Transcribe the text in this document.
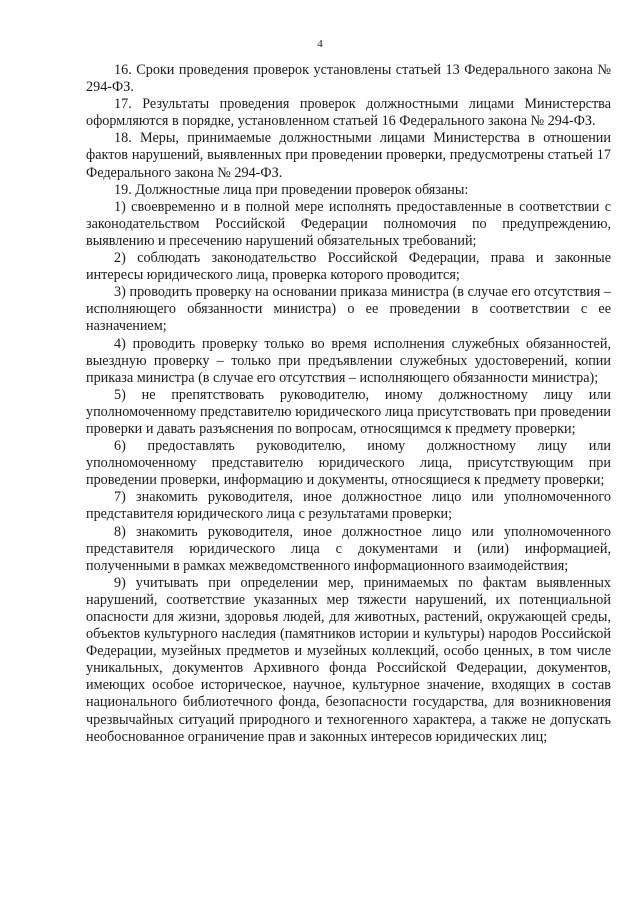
4

16. Сроки проведения проверок установлены статьей 13 Федерального закона № 294-ФЗ.

17. Результаты проведения проверок должностными лицами Министерства оформляются в порядке, установленном статьей 16 Федерального закона № 294-ФЗ.

18. Меры, принимаемые должностными лицами Министерства в отношении фактов нарушений, выявленных при проведении проверки, предусмотрены статьей 17 Федерального закона № 294-ФЗ.

19. Должностные лица при проведении проверок обязаны:

1) своевременно и в полной мере исполнять предоставленные в соответствии с законодательством Российской Федерации полномочия по предупреждению, выявлению и пресечению нарушений обязательных требований;

2) соблюдать законодательство Российской Федерации, права и законные интересы юридического лица, проверка которого проводится;

3) проводить проверку на основании приказа министра (в случае его отсутствия – исполняющего обязанности министра) о ее проведении в соответствии с ее назначением;

4) проводить проверку только во время исполнения служебных обязанностей, выездную проверку – только при предъявлении служебных удостоверений, копии приказа министра (в случае его отсутствия – исполняющего обязанности министра);

5) не препятствовать руководителю, иному должностному лицу или уполномоченному представителю юридического лица присутствовать при проведении проверки и давать разъяснения по вопросам, относящимся к предмету проверки;

6) предоставлять руководителю, иному должностному лицу или уполномоченному представителю юридического лица, присутствующим при проведении проверки, информацию и документы, относящиеся к предмету проверки;

7) знакомить руководителя, иное должностное лицо или уполномоченного представителя юридического лица с результатами проверки;

8) знакомить руководителя, иное должностное лицо или уполномоченного представителя юридического лица с документами и (или) информацией, полученными в рамках межведомственного информационного взаимодействия;

9) учитывать при определении мер, принимаемых по фактам выявленных нарушений, соответствие указанных мер тяжести нарушений, их потенциальной опасности для жизни, здоровья людей, для животных, растений, окружающей среды, объектов культурного наследия (памятников истории и культуры) народов Российской Федерации, музейных предметов и музейных коллекций, особо ценных, в том числе уникальных, документов Архивного фонда Российской Федерации, документов, имеющих особое историческое, научное, культурное значение, входящих в состав национального библиотечного фонда, безопасности государства, для возникновения чрезвычайных ситуаций природного и техногенного характера, а также не допускать необоснованное ограничение прав и законных интересов юридических лиц;
